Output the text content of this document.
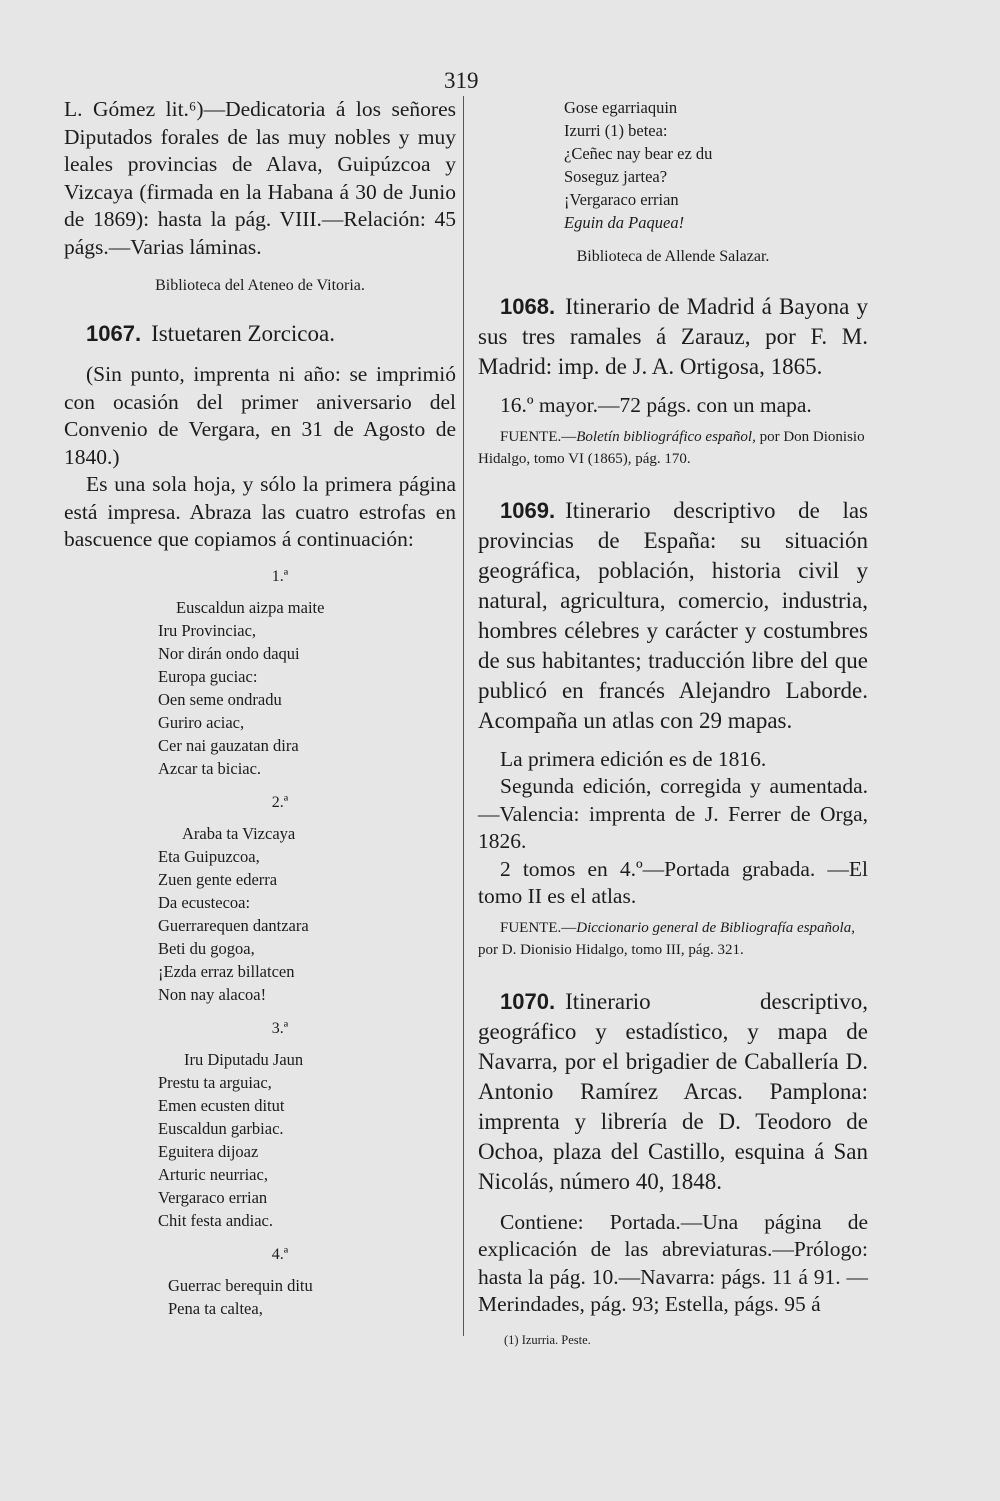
319

L. Gómez lit.⁶)—Dedicatoria á los señores Diputados forales de las muy nobles y muy leales provincias de Alava, Guipúzcoa y Vizcaya (firmada en la Habana á 30 de Junio de 1869): hasta la pág. VIII.—Relación: 45 págs.—Varias láminas.

Biblioteca del Ateneo de Vitoria.

1067. Istuetaren Zorcicoa.

(Sin punto, imprenta ni año: se imprimió con ocasión del primer aniversario del Convenio de Vergara, en 31 de Agosto de 1840.)

Es una sola hoja, y sólo la primera página está impresa. Abraza las cuatro estrofas en bascuence que copiamos á continuación:

1.ª

Euscaldun aizpa maite

Iru Provinciac,

Nor dirán ondo daqui

Europa guciac:

Oen seme ondradu

Guriro aciac,

Cer nai gauzatan dira

Azcar ta biciac.

2.ª

Araba ta Vizcaya

Eta Guipuzcoa,

Zuen gente ederra

Da ecustecoa:

Guerrarequen dantzara

Beti du gogoa,

¡Ezda erraz billatcen

Non nay alacoa!

3.ª

Iru Diputadu Jaun

Prestu ta arguiac,

Emen ecusten ditut

Euscaldun garbiac.

Eguitera dijoaz

Arturic neurriac,

Vergaraco errian

Chit festa andiac.

4.ª

Guerrac berequin ditu

Pena ta caltea,

Gose egarriaquin

Izurri (1) betea:

¿Ceñec nay bear ez du

Soseguz jartea?

¡Vergaraco errian

Eguin da Paquea!

Biblioteca de Allende Salazar.

1068. Itinerario de Madrid á Bayona y sus tres ramales á Zarauz, por F. M. Madrid: imp. de J. A. Ortigosa, 1865.

16.º mayor.—72 págs. con un mapa.

FUENTE.—Boletín bibliográfico español, por Don Dionisio Hidalgo, tomo VI (1865), pág. 170.

1069. Itinerario descriptivo de las provincias de España: su situación geográfica, población, historia civil y natural, agricultura, comercio, industria, hombres célebres y carácter y costumbres de sus habitantes; traducción libre del que publicó en francés Alejandro Laborde. Acompaña un atlas con 29 mapas.

La primera edición es de 1816.

Segunda edición, corregida y aumentada. —Valencia: imprenta de J. Ferrer de Orga, 1826.

2 tomos en 4.º—Portada grabada. —El tomo II es el atlas.

FUENTE.—Diccionario general de Bibliografía española, por D. Dionisio Hidalgo, tomo III, pág. 321.

1070. Itinerario descriptivo, geográfico y estadístico, y mapa de Navarra, por el brigadier de Caballería D. Antonio Ramírez Arcas. Pamplona: imprenta y librería de D. Teodoro de Ochoa, plaza del Castillo, esquina á San Nicolás, número 40, 1848.

Contiene: Portada.—Una página de explicación de las abreviaturas.—Prólogo: hasta la pág. 10.—Navarra: págs. 11 á 91. —Merindades, pág. 93; Estella, págs. 95 á

(1) Izurria. Peste.
